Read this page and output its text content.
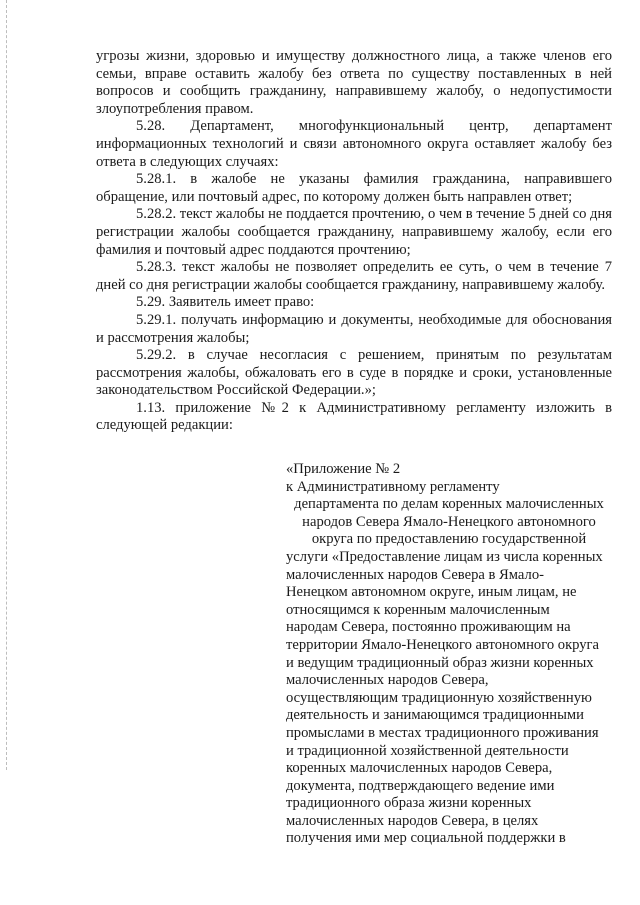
угрозы жизни, здоровью и имуществу должностного лица, а также членов его семьи, вправе оставить жалобу без ответа по существу поставленных в ней вопросов и сообщить гражданину, направившему жалобу, о недопустимости злоупотребления правом.

5.28. Департамент, многофункциональный центр, департамент информационных технологий и связи автономного округа оставляет жалобу без ответа в следующих случаях:

5.28.1. в жалобе не указаны фамилия гражданина, направившего обращение, или почтовый адрес, по которому должен быть направлен ответ;

5.28.2. текст жалобы не поддается прочтению, о чем в течение 5 дней со дня регистрации жалобы сообщается гражданину, направившему жалобу, если его фамилия и почтовый адрес поддаются прочтению;

5.28.3. текст жалобы не позволяет определить ее суть, о чем в течение 7 дней со дня регистрации жалобы сообщается гражданину, направившему жалобу.

5.29. Заявитель имеет право:

5.29.1. получать информацию и документы, необходимые для обоснования и рассмотрения жалобы;

5.29.2. в случае несогласия с решением, принятым по результатам рассмотрения жалобы, обжаловать его в суде в порядке и сроки, установленные законодательством Российской Федерации.»;

1.13. приложение №2 к Административному регламенту изложить в следующей редакции:

«Приложение № 2
к Административному регламенту
департамента по делам коренных малочисленных
народов Севера Ямало-Ненецкого автономного
округа по предоставлению государственной
услуги «Предоставление лицам из числа коренных
малочисленных народов Севера в Ямало-
Ненецком автономном округе, иным лицам, не
относящимся к коренным малочисленным
народам Севера, постоянно проживающим на
территории Ямало-Ненецкого автономного округа
и ведущим традиционный образ жизни коренных
малочисленных народов Севера,
осуществляющим традиционную хозяйственную
деятельность и занимающимся традиционными
промыслами в местах традиционного проживания
и традиционной хозяйственной деятельности
коренных малочисленных народов Севера,
документа, подтверждающего ведение ими
традиционного образа жизни коренных
малочисленных народов Севера, в целях
получения ими мер социальной поддержки в
